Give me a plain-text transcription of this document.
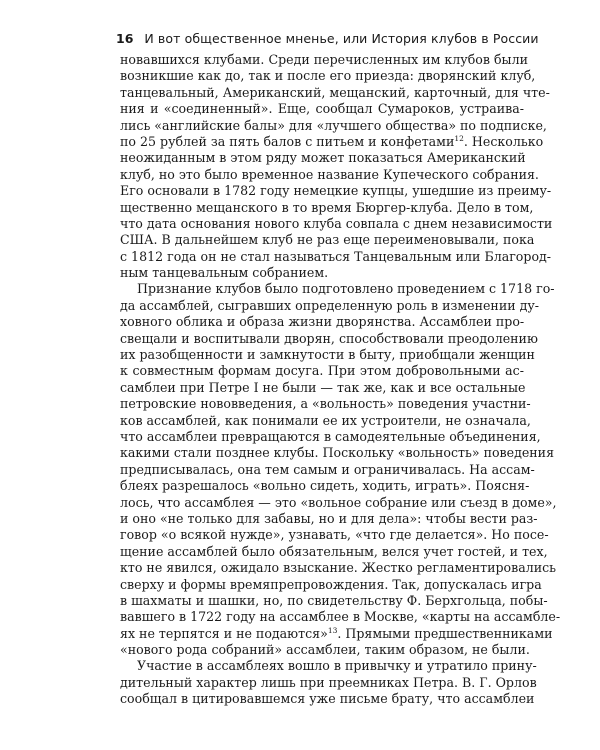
16 И вот общественное мненье, или История клубов в России
новавшихся клубами. Среди перечисленных им клубов были
возникшие как до, так и после его приезда: дворянский клуб,
танцевальный, Американский, мещанский, карточный, для чте-
ния и «соединенный». Еще, сообщал Сумароков, устраива-
лись «английские балы» для «лучшего общества» по подписке,
по 25 рублей за пять балов с питьем и конфетами$^{12}$. Несколько
неожиданным в этом ряду может показаться Американский
клуб, но это было временное название Купеческого собрания.
Его основали в 1782 году немецкие купцы, ушедшие из преиму-
щественно мещанского в то время Бюргер-клуба. Дело в том,
что дата основания нового клуба совпала с днем независимости
США. В дальнейшем клуб не раз еще переименовывали, пока
с 1812 года он не стал называться Танцевальным или Благород-
ным танцевальным собранием.
Признание клубов было подготовлено проведением с 1718 го-
да ассамблей, сыгравших определенную роль в изменении ду-
ховного облика и образа жизни дворянства. Ассамблеи про-
свещали и воспитывали дворян, способствовали преодолению
их разобщенности и замкнутости в быту, приобщали женщин
к совместным формам досуга. При этом добровольными ас-
самблеи при Петре I не были — так же, как и все остальные
петровские нововведения, а «вольность» поведения участни-
ков ассамблей, как понимали ее их устроители, не означала,
что ассамблеи превращаются в самодеятельные объединения,
какими стали позднее клубы. Поскольку «вольность» поведения
предписывалась, она тем самым и ограничивалась. На ассам-
блеях разрешалось «вольно сидеть, ходить, играть». Поясня-
лось, что ассамблея — это «вольное собрание или съезд в доме»,
и оно «не только для забавы, но и для дела»: чтобы вести раз-
говор «о всякой нужде», узнавать, «что где делается». Но посе-
щение ассамблей было обязательным, велся учет гостей, и тех,
кто не явился, ожидало взыскание. Жестко регламентировались
сверху и формы времяпрепровождения. Так, допускалась игра
в шахматы и шашки, но, по свидетельству Ф. Берхгольца, побы-
вавшего в 1722 году на ассамблее в Москве, «карты на ассамбле-
ях не терпятся и не подаются»$^{13}$. Прямыми предшественниками
«нового рода собраний» ассамблеи, таким образом, не были.
Участие в ассамблеях вошло в привычку и утратило прину-
дительный характер лишь при преемниках Петра. В. Г. Орлов
сообщал в цитировавшемся уже письме брату, что ассамблеи
